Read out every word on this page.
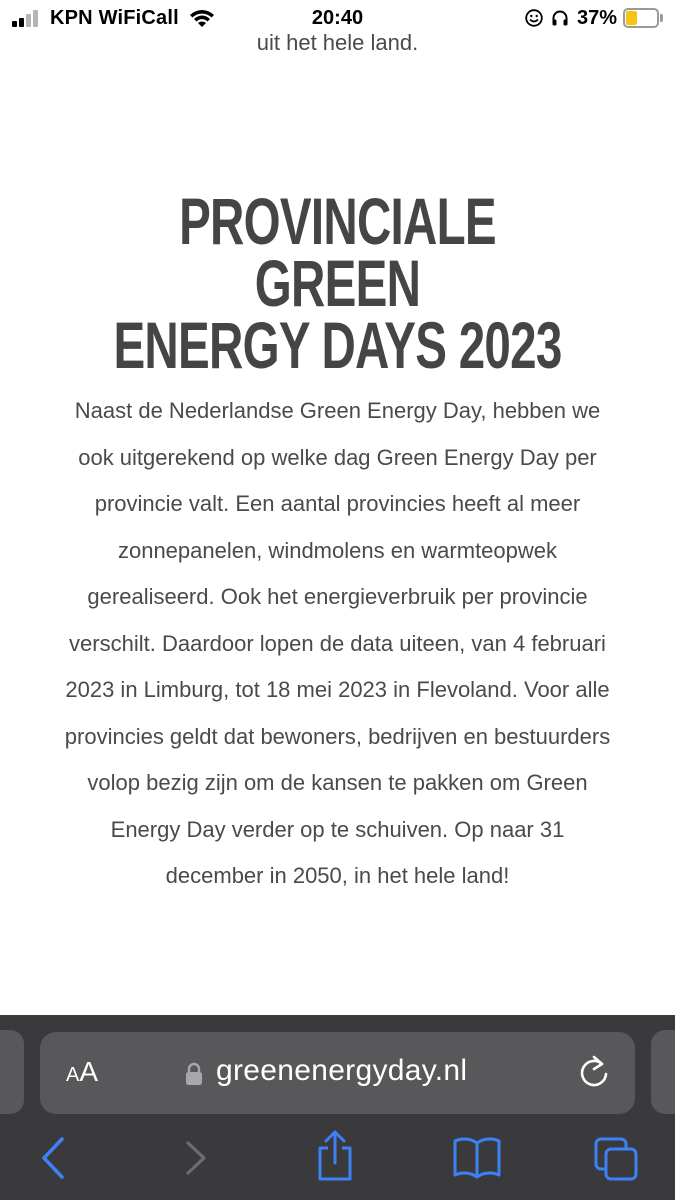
KPN WiFiCall	20:40	37%
uit het hele land.
PROVINCIALE GREEN
ENERGY DAYS 2023

Naast de Nederlandse Green Energy Day, hebben we ook uitgerekend op welke dag Green Energy Day per provincie valt. Een aantal provincies heeft al meer zonnepanelen, windmolens en warmteopwek gerealiseerd. Ook het energieverbruik per provincie verschilt. Daardoor lopen de data uiteen, van 4 februari 2023 in Limburg, tot 18 mei 2023 in Flevoland. Voor alle provincies geldt dat bewoners, bedrijven en bestuurders volop bezig zijn om de kansen te pakken om Green Energy Day verder op te schuiven. Op naar 31 december in 2050, in het hele land!

AA	greenenergyday.nl
